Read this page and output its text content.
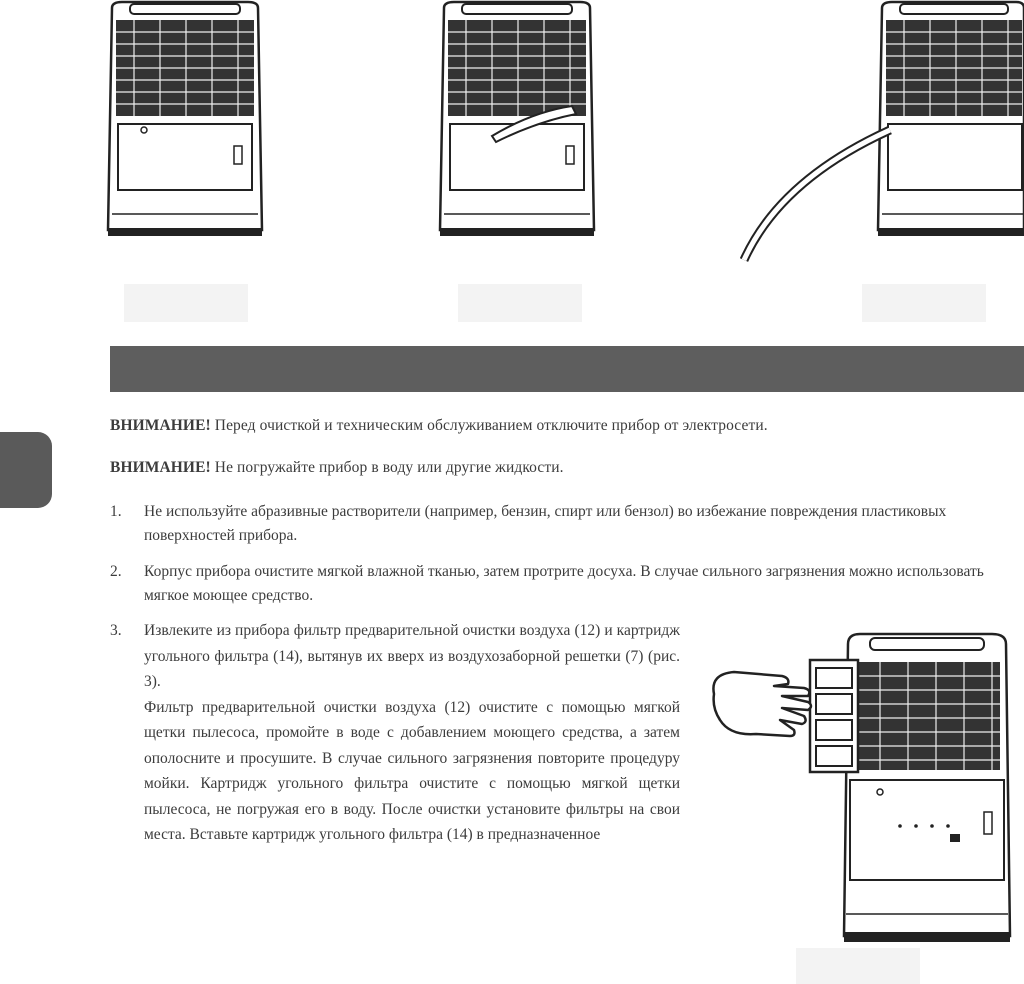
ВНИМАНИЕ! Перед очисткой и техническим обслуживанием отключите прибор от электросети.
ВНИМАНИЕ! Не погружайте прибор в воду или другие жидкости.
1. Не используйте абразивные растворители (например, бензин, спирт или бензол) во избежание повреждения пластиковых поверхностей прибора.
2. Корпус прибора очистите мягкой влажной тканью, затем протрите досуха. В случае сильного загрязнения можно использовать мягкое моющее средство.
3. Извлеките из прибора фильтр предварительной очистки воздуха (12) и картридж угольного фильтра (14), вытянув их вверх из воздухозаборной решетки (7) (рис. 3).

Фильтр предварительной очистки воздуха (12) очистите с помощью мягкой щетки пылесоса, промойте в воде с добавлением моющего средства, а затем ополосните и просушите. В случае сильного загрязнения повторите процедуру мойки. Картридж угольного фильтра очистите с помощью мягкой щетки пылесоса, не погружая его в воду. После очистки установите фильтры на свои места. Вставьте картридж угольного фильтра (14) в предназначенное
